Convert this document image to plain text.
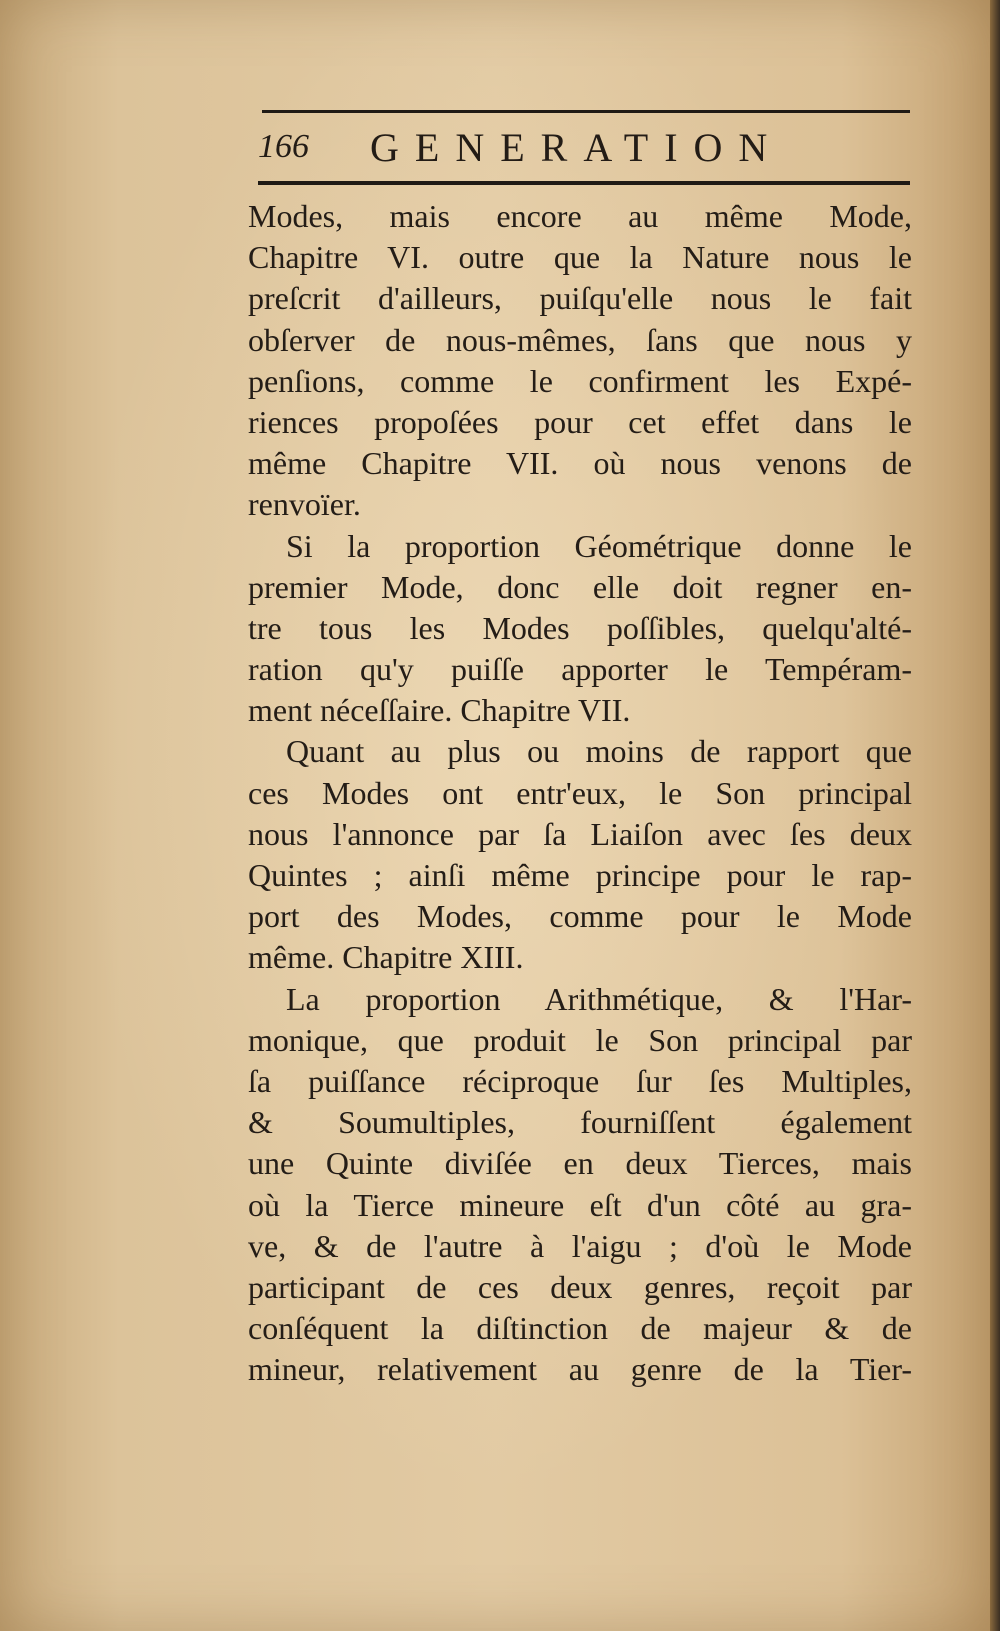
166 GENERATION
Modes, mais encore au même Mode,
Chapitre VI. outre que la Nature nous le
preſcrit d'ailleurs, puiſqu'elle nous le fait
obſerver de nous-mêmes, ſans que nous y
penſions, comme le confirment les Expé-
riences propoſées pour cet effet dans le
même Chapitre VII. où nous venons de
renvoïer.
Si la proportion Géométrique donne le
premier Mode, donc elle doit regner en-
tre tous les Modes poſſibles, quelqu'alté-
ration qu'y puiſſe apporter le Tempéram-
ment néceſſaire. Chapitre VII.
Quant au plus ou moins de rapport que
ces Modes ont entr'eux, le Son principal
nous l'annonce par ſa Liaiſon avec ſes deux
Quintes ; ainſi même principe pour le rap-
port des Modes, comme pour le Mode
même. Chapitre XIII.
La proportion Arithmétique, & l'Har-
monique, que produit le Son principal par
ſa puiſſance réciproque ſur ſes Multiples,
& Soumultiples, fourniſſent également
une Quinte diviſée en deux Tierces, mais
où la Tierce mineure eſt d'un côté au gra-
ve, & de l'autre à l'aigu ; d'où le Mode
participant de ces deux genres, reçoit par
conſéquent la diſtinction de majeur & de
mineur, relativement au genre de la Tier-
